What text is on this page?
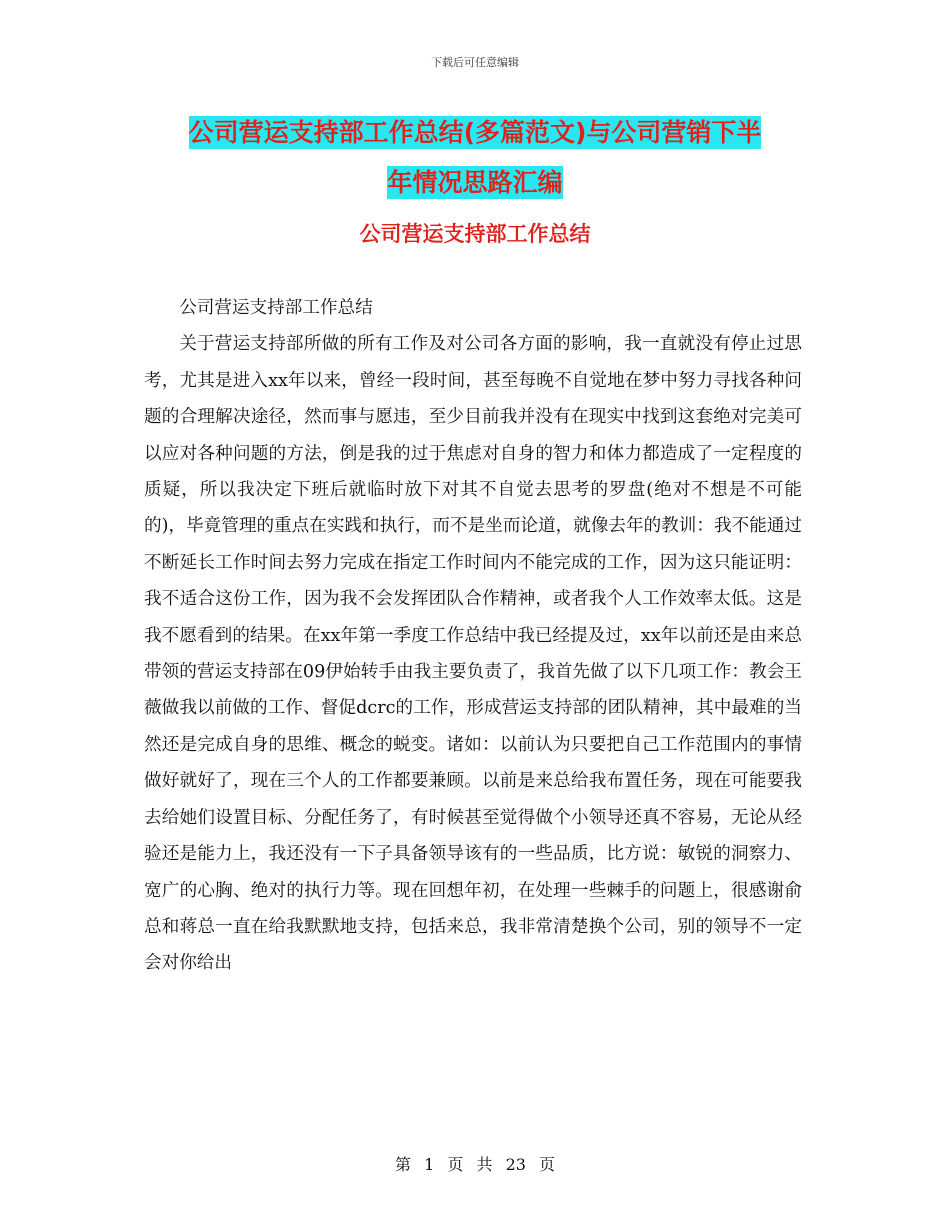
下载后可任意编辑
公司营运支持部工作总结(多篇范文)与公司营销下半
年情况思路汇编
公司营运支持部工作总结

公司营运支持部工作总结

关于营运支持部所做的所有工作及对公司各方面的影响，我一直就没有停止过思考，尤其是进入xx年以来，曾经一段时间，甚至每晚不自觉地在梦中努力寻找各种问题的合理解决途径，然而事与愿违，至少目前我并没有在现实中找到这套绝对完美可以应对各种问题的方法，倒是我的过于焦虑对自身的智力和体力都造成了一定程度的质疑，所以我决定下班后就临时放下对其不自觉去思考的罗盘(绝对不想是不可能的)，毕竟管理的重点在实践和执行，而不是坐而论道，就像去年的教训：我不能通过不断延长工作时间去努力完成在指定工作时间内不能完成的工作，因为这只能证明：我不适合这份工作，因为我不会发挥团队合作精神，或者我个人工作效率太低。这是我不愿看到的结果。在xx年第一季度工作总结中我已经提及过，xx年以前还是由来总带领的营运支持部在09伊始转手由我主要负责了，我首先做了以下几项工作：教会王薇做我以前做的工作、督促dcrc的工作，形成营运支持部的团队精神，其中最难的当然还是完成自身的思维、概念的蜕变。诸如：以前认为只要把自己工作范围内的事情做好就好了，现在三个人的工作都要兼顾。以前是来总给我布置任务，现在可能要我去给她们设置目标、分配任务了，有时候甚至觉得做个小领导还真不容易，无论从经验还是能力上，我还没有一下子具备领导该有的一些品质，比方说：敏锐的洞察力、宽广的心胸、绝对的执行力等。现在回想年初，在处理一些棘手的问题上，很感谢俞总和蒋总一直在给我默默地支持，包括来总，我非常清楚换个公司，别的领导不一定会对你给出

第 1 页 共 23 页
